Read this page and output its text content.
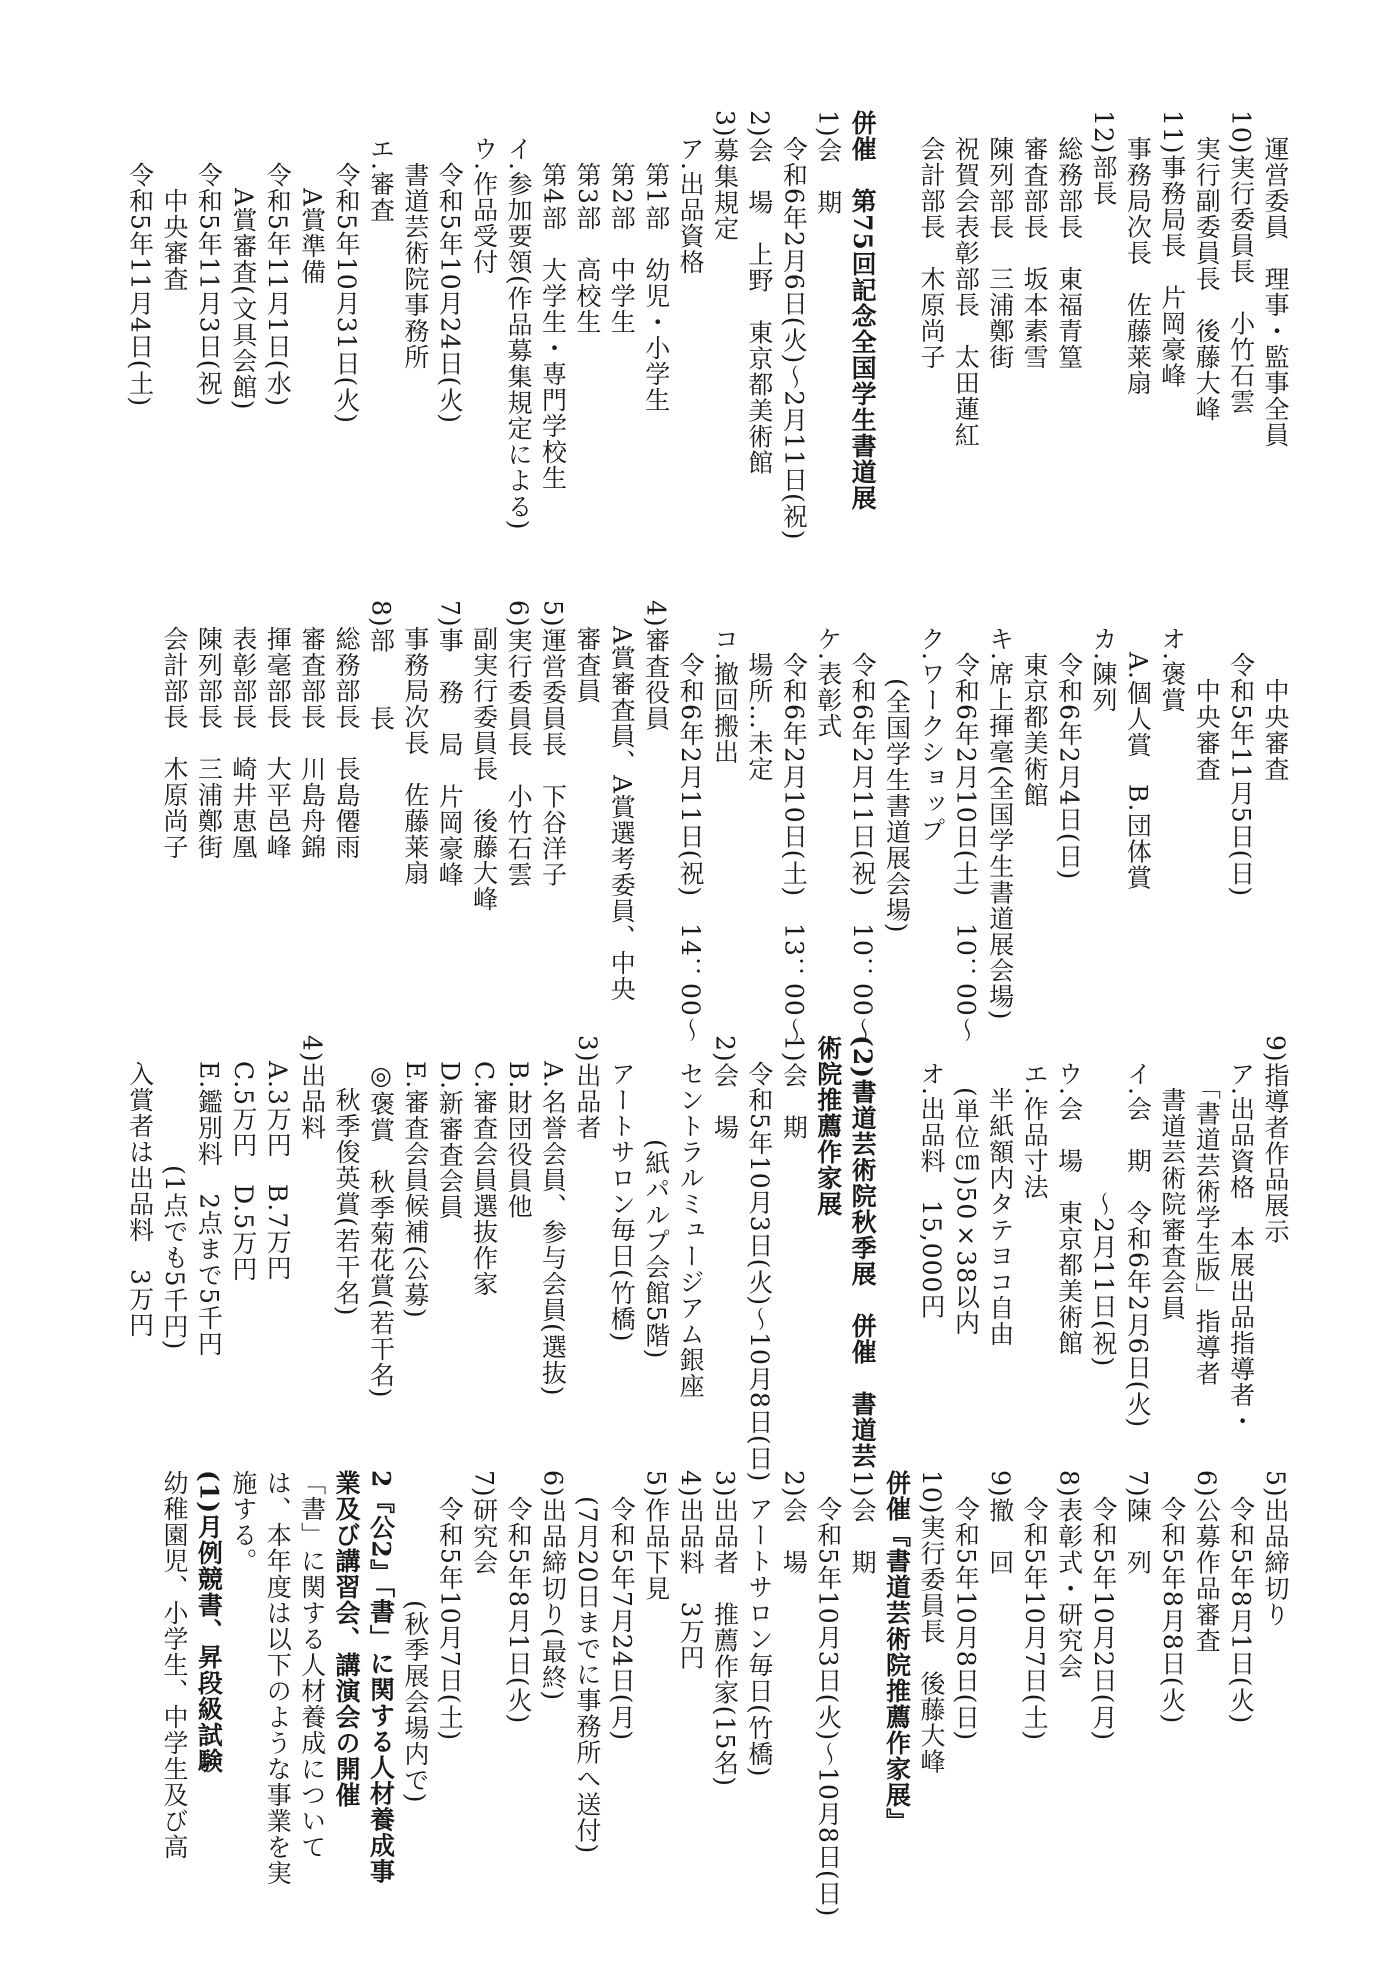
　運営委員　理事・監事全員
10)実行委員長　小竹石雲
　実行副委員長　後藤大峰
11)事務局長　片岡豪峰
　事務局次長　佐藤莱扇
12)部長
　総務部長　東福青篁
　審査部長　坂本素雪
　陳列部長　三浦鄭街
　祝賀会表彰部長　太田蓮紅
　会計部長　木原尚子

併催　第75回記念全国学生書道展
1)会　期
　令和6年2月6日(火)〜2月11日(祝)
2)会　場　上野　東京都美術館
3)募集規定
　ア.出品資格
　　第1部　幼児・小学生
　　第2部　中学生
　　第3部　高校生
　　第4部　大学生・専門学校生
　イ.参加要領(作品募集規定による)
　ウ.作品受付
　　令和5年10月24日(火)
　　書道芸術院事務所
　エ.審査
　　令和5年10月31日(火)
　　　A賞準備
　　令和5年11月1日(水)
　　　A賞審査(文具会館)
　　令和5年11月3日(祝)
　　　中央審査
　　令和5年11月4日(土)
　　　中央審査
　　令和5年11月5日(日)
　　　中央審査
　オ.褒賞
　　A.個人賞　B.団体賞
　カ.陳列
　　令和6年2月4日(日)
　　東京都美術館
　キ.席上揮毫(全国学生書道展会場)
　　令和6年2月10日(土)　10：00〜
　ク.ワークショップ
　　　(全国学生書道展会場)
　　令和6年2月11日(祝)　10：00〜
　ケ.表彰式
　　令和6年2月10日(土)　13：00〜
　　場所…未定
　コ.撤回搬出
　　令和6年2月11日(祝)　14：00〜
4)審査役員
　A賞審査員、A賞選考委員、中央
　審査員
5)運営委員長　下谷洋子
6)実行委員長　小竹石雲
　副実行委員長　後藤大峰
7)事　務　局　片岡豪峰
　事務局次長　佐藤莱扇
8)部　　長
　総務部長　長島僊雨
　審査部長　川島舟錦
　揮毫部長　大平邑峰
　表彰部長　崎井恵凰
　陳列部長　三浦鄭街
　会計部長　木原尚子
9)指導者作品展示
　ア.出品資格　本展出品指導者・
　　「書道芸術学生版」指導者
　　書道芸術院審査会員
　イ.会　期　令和6年2月6日(火)
　　　　　　〜2月11日(祝)
　ウ.会　場　東京都美術館
　エ.作品寸法
　　半紙額内タテヨコ自由
　　(単位㎝)50×38以内
　オ.出品料　15,000円

(2)書道芸術院秋季展　併催　書道芸
術院推薦作家展
1)会　期
　令和5年10月3日(火)〜10月8日(日)
2)会　場
　セントラルミュージアム銀座
　　　　(紙パルプ会館5階)
　アートサロン毎日(竹橋)
3)出品者
　A.名誉会員、参与会員(選抜)
　B.財団役員他
　C.審査会員選抜作家
　D.新審査会員
　E.審査会員候補(公募)
　◎褒賞　秋季菊花賞(若干名)
　　秋季俊英賞(若干名)
4)出品料
　A.3万円　B.7万円
　C.5万円　D.5万円
　E.鑑別料　2点まで5千円
　　　　　(1点でも5千円)
　入賞者は出品料　3万円
5)出品締切り
　令和5年8月1日(火)
6)公募作品審査
　令和5年8月8日(火)
7)陳　列
　令和5年10月2日(月)
8)表彰式・研究会
　令和5年10月7日(土)
9)撤　回
　令和5年10月8日(日)
10)実行委員長　後藤大峰
併催『書道芸術院推薦作家展』
1)会　期
　令和5年10月3日(火)〜10月8日(日)
2)会　場
　アートサロン毎日(竹橋)
3)出品者　推薦作家(15名)
4)出品料　3万円
5)作品下見
　令和5年7月24日(月)
　(7月20日までに事務所へ送付)
6)出品締切り(最終)
　令和5年8月1日(火)
7)研究会
　令和5年10月7日(土)
　　　　　(秋季展会場内で)
2『公2』「書」に関する人材養成事
業及び講習会、講演会の開催
「書」に関する人材養成について
は、本年度は以下のような事業を実
施する。
(1)月例競書、昇段級試験
幼稚園児、小学生、中学生及び高
